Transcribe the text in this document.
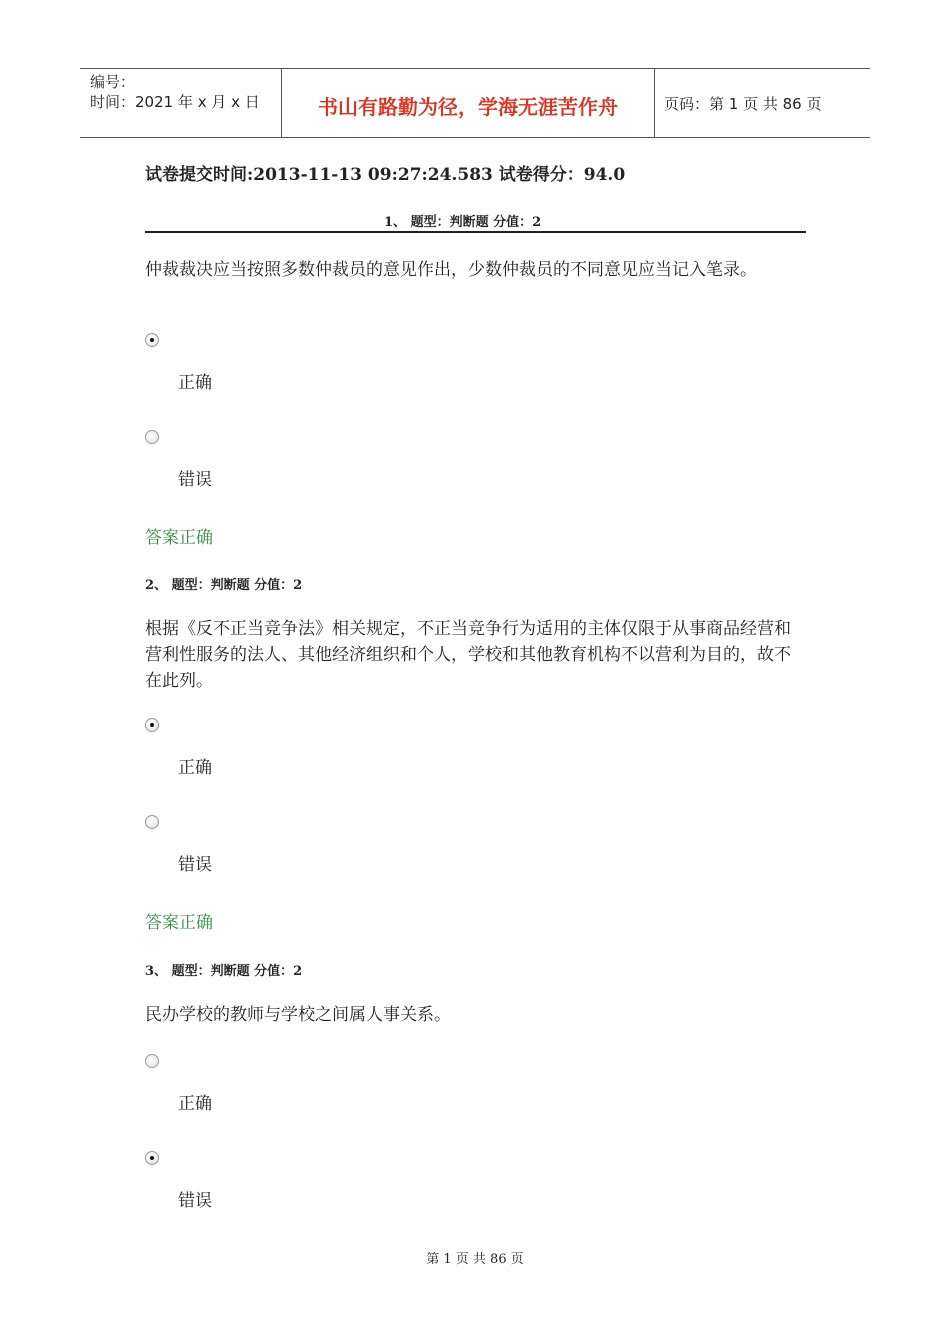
编号：
时间：2021 年 x 月 x 日	书山有路勤为径，学海无涯苦作舟	页码：第 1 页 共 86 页
试卷提交时间:2013-11-13 09:27:24.583 试卷得分：94.0
1、 题型：判断题 分值：2
仲裁裁决应当按照多数仲裁员的意见作出，少数仲裁员的不同意见应当记入笔录。
正确
错误
答案正确
2、 题型：判断题 分值：2
根据《反不正当竞争法》相关规定，不正当竞争行为适用的主体仅限于从事商品经营和营利性服务的法人、其他经济组织和个人，学校和其他教育机构不以营利为目的，故不在此列。
正确
错误
答案正确
3、 题型：判断题 分值：2
民办学校的教师与学校之间属人事关系。
正确
错误
第 1 页 共 86 页
